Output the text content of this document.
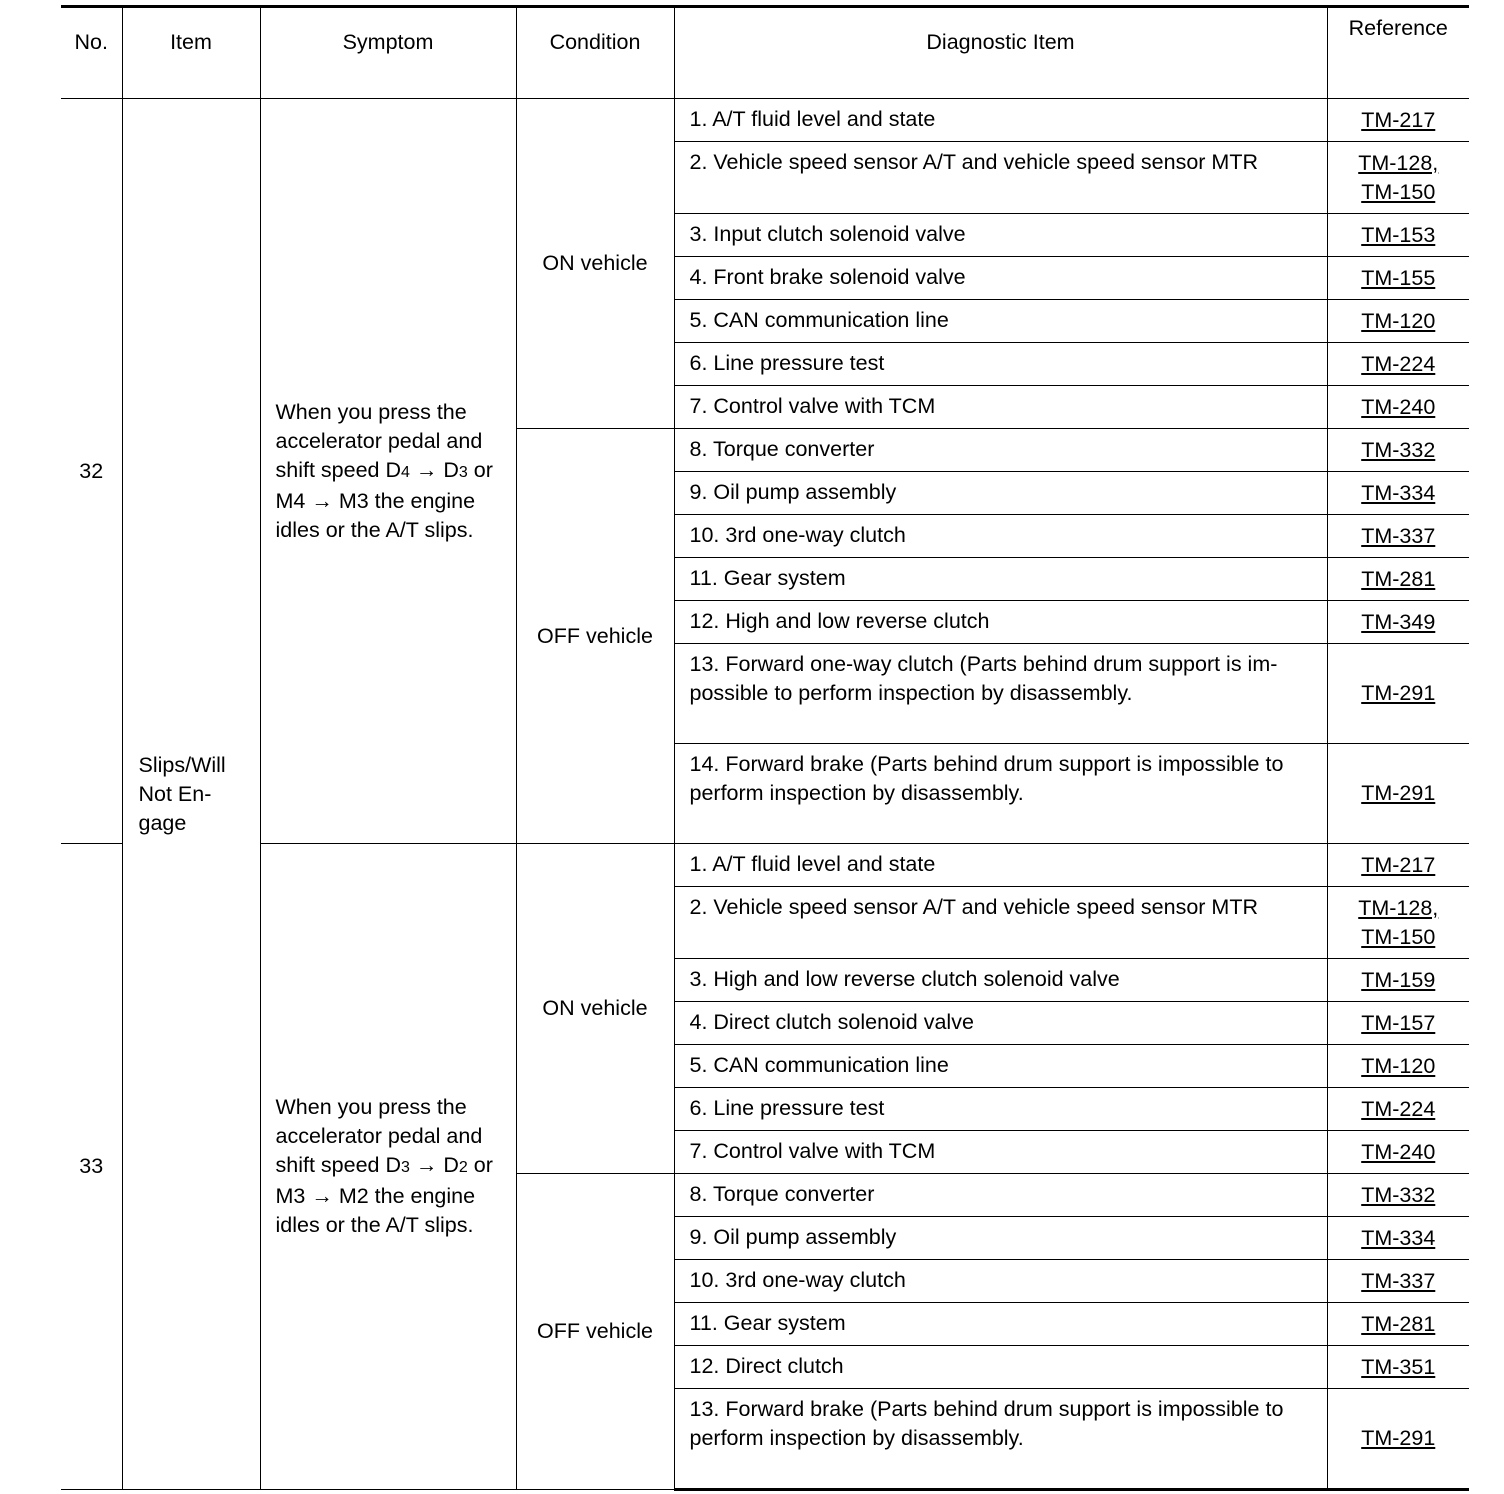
No.	Item	Symptom	Condition	Diagnostic Item	Reference
32	Slips/Will Not En-gage	When you press the accelerator pedal and shift speed D4 → D3 or M4 → M3 the engine idles or the A/T slips.	ON vehicle	1. A/T fluid level and state	TM-217
				2. Vehicle speed sensor A/T and vehicle speed sensor MTR	TM-128,
TM-150
				3. Input clutch solenoid valve	TM-153
				4. Front brake solenoid valve	TM-155
				5. CAN communication line	TM-120
				6. Line pressure test	TM-224
				7. Control valve with TCM	TM-240
			OFF vehicle	8. Torque converter	TM-332
				9. Oil pump assembly	TM-334
				10. 3rd one-way clutch	TM-337
				11. Gear system	TM-281
				12. High and low reverse clutch	TM-349
				13. Forward one-way clutch (Parts behind drum support is im-possible to perform inspection by disassembly.	TM-291
				14. Forward brake (Parts behind drum support is impossible to perform inspection by disassembly.	TM-291
33		When you press the accelerator pedal and shift speed D3 → D2 or M3 → M2 the engine idles or the A/T slips.	ON vehicle	1. A/T fluid level and state	TM-217
				2. Vehicle speed sensor A/T and vehicle speed sensor MTR	TM-128,
TM-150
				3. High and low reverse clutch solenoid valve	TM-159
				4. Direct clutch solenoid valve	TM-157
				5. CAN communication line	TM-120
				6. Line pressure test	TM-224
				7. Control valve with TCM	TM-240
			OFF vehicle	8. Torque converter	TM-332
				9. Oil pump assembly	TM-334
				10. 3rd one-way clutch	TM-337
				11. Gear system	TM-281
				12. Direct clutch	TM-351
				13. Forward brake (Parts behind drum support is impossible to perform inspection by disassembly.	TM-291
